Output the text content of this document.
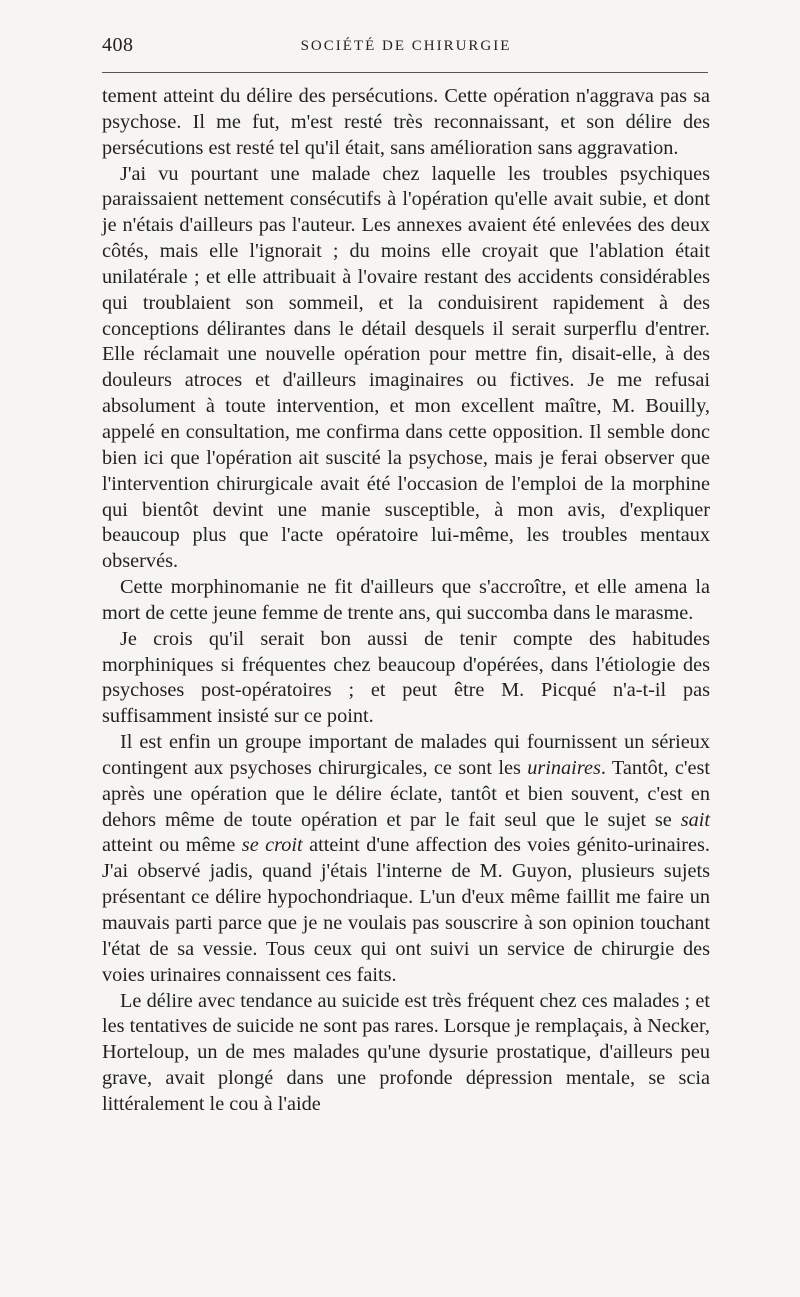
408	SOCIÉTÉ DE CHIRURGIE

tement atteint du délire des persécutions. Cette opération n'aggrava pas sa psychose. Il me fut, m'est resté très reconnaissant, et son délire des persécutions est resté tel qu'il était, sans amélioration sans aggravation.

J'ai vu pourtant une malade chez laquelle les troubles psychiques paraissaient nettement consécutifs à l'opération qu'elle avait subie, et dont je n'étais d'ailleurs pas l'auteur. Les annexes avaient été enlevées des deux côtés, mais elle l'ignorait ; du moins elle croyait que l'ablation était unilatérale ; et elle attribuait à l'ovaire restant des accidents considérables qui troublaient son sommeil, et la conduisirent rapidement à des conceptions délirantes dans le détail desquels il serait surperflu d'entrer. Elle réclamait une nouvelle opération pour mettre fin, disait-elle, à des douleurs atroces et d'ailleurs imaginaires ou fictives. Je me refusai absolument à toute intervention, et mon excellent maître, M. Bouilly, appelé en consultation, me confirma dans cette opposition. Il semble donc bien ici que l'opération ait suscité la psychose, mais je ferai observer que l'intervention chirurgicale avait été l'occasion de l'emploi de la morphine qui bientôt devint une manie susceptible, à mon avis, d'expliquer beaucoup plus que l'acte opératoire lui-même, les troubles mentaux observés.

Cette morphinomanie ne fit d'ailleurs que s'accroître, et elle amena la mort de cette jeune femme de trente ans, qui succomba dans le marasme.

Je crois qu'il serait bon aussi de tenir compte des habitudes morphiniques si fréquentes chez beaucoup d'opérées, dans l'étiologie des psychoses post-opératoires ; et peut être M. Picqué n'a-t-il pas suffisamment insisté sur ce point.

Il est enfin un groupe important de malades qui fournissent un sérieux contingent aux psychoses chirurgicales, ce sont les urinaires. Tantôt, c'est après une opération que le délire éclate, tantôt et bien souvent, c'est en dehors même de toute opération et par le fait seul que le sujet se sait atteint ou même se croit atteint d'une affection des voies génito-urinaires. J'ai observé jadis, quand j'étais l'interne de M. Guyon, plusieurs sujets présentant ce délire hypochondriaque. L'un d'eux même faillit me faire un mauvais parti parce que je ne voulais pas souscrire à son opinion touchant l'état de sa vessie. Tous ceux qui ont suivi un service de chirurgie des voies urinaires connaissent ces faits.

Le délire avec tendance au suicide est très fréquent chez ces malades ; et les tentatives de suicide ne sont pas rares. Lorsque je remplaçais, à Necker, Horteloup, un de mes malades qu'une dysurie prostatique, d'ailleurs peu grave, avait plongé dans une profonde dépression mentale, se scia littéralement le cou à l'aide
